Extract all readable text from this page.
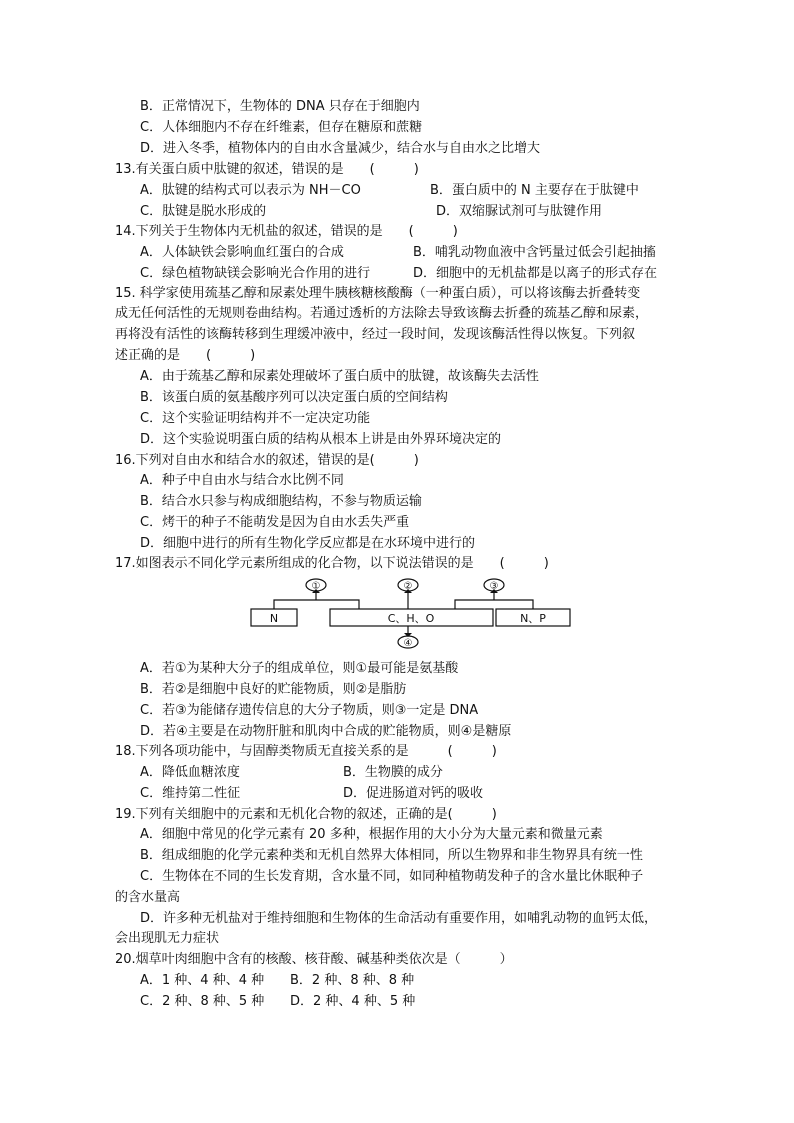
B．正常情况下，生物体的 DNA 只存在于细胞内
C．人体细胞内不存在纤维素，但存在糖原和蔗糖
D．进入冬季，植物体内的自由水含量减少，结合水与自由水之比增大
13.有关蛋白质中肽键的叙述，错误的是　　(　　　)
A．肽键的结构式可以表示为 NH－CO	B．蛋白质中的 N 主要存在于肽键中
C．肽键是脱水形成的	D．双缩脲试剂可与肽键作用
14.下列关于生物体内无机盐的叙述，错误的是　　(　　　)
A．人体缺铁会影响血红蛋白的合成	B．哺乳动物血液中含钙量过低会引起抽搐
C．绿色植物缺镁会影响光合作用的进行	D．细胞中的无机盐都是以离子的形式存在
15. 科学家使用巯基乙醇和尿素处理牛胰核糖核酸酶（一种蛋白质），可以将该酶去折叠转变
成无任何活性的无规则卷曲结构。若通过透析的方法除去导致该酶去折叠的巯基乙醇和尿素，
再将没有活性的该酶转移到生理缓冲液中，经过一段时间，发现该酶活性得以恢复。下列叙
述正确的是　　(　　　)
A．由于巯基乙醇和尿素处理破坏了蛋白质中的肽键，故该酶失去活性
B．该蛋白质的氨基酸序列可以决定蛋白质的空间结构
C．这个实验证明结构并不一定决定功能
D．这个实验说明蛋白质的结构从根本上讲是由外界环境决定的
16.下列对自由水和结合水的叙述，错误的是(　　　)
A．种子中自由水与结合水比例不同
B．结合水只参与构成细胞结构，不参与物质运输
C．烤干的种子不能萌发是因为自由水丢失严重
D．细胞中进行的所有生物化学反应都是在水环境中进行的
17.如图表示不同化学元素所组成的化合物，以下说法错误的是　　(　　　)
N	C、H、O	N、P
①	②	③
④
A．若①为某种大分子的组成单位，则①最可能是氨基酸
B．若②是细胞中良好的贮能物质，则②是脂肪
C．若③为能储存遗传信息的大分子物质，则③一定是 DNA
D．若④主要是在动物肝脏和肌肉中合成的贮能物质，则④是糖原
18.下列各项功能中，与固醇类物质无直接关系的是　　　(　　　)
A．降低血糖浓度	B．生物膜的成分
C．维持第二性征	D．促进肠道对钙的吸收
19.下列有关细胞中的元素和无机化合物的叙述，正确的是(　　　)
A．细胞中常见的化学元素有 20 多种，根据作用的大小分为大量元素和微量元素
B．组成细胞的化学元素种类和无机自然界大体相同，所以生物界和非生物界具有统一性
C．生物体在不同的生长发育期，含水量不同，如同种植物萌发种子的含水量比休眠种子
的含水量高
D．许多种无机盐对于维持细胞和生物体的生命活动有重要作用，如哺乳动物的血钙太低，
会出现肌无力症状
20.烟草叶肉细胞中含有的核酸、核苷酸、碱基种类依次是（　　　）
A．1 种、4 种、4 种 B．2 种、8 种、8 种
C．2 种、8 种、5 种 D．2 种、4 种、5 种
